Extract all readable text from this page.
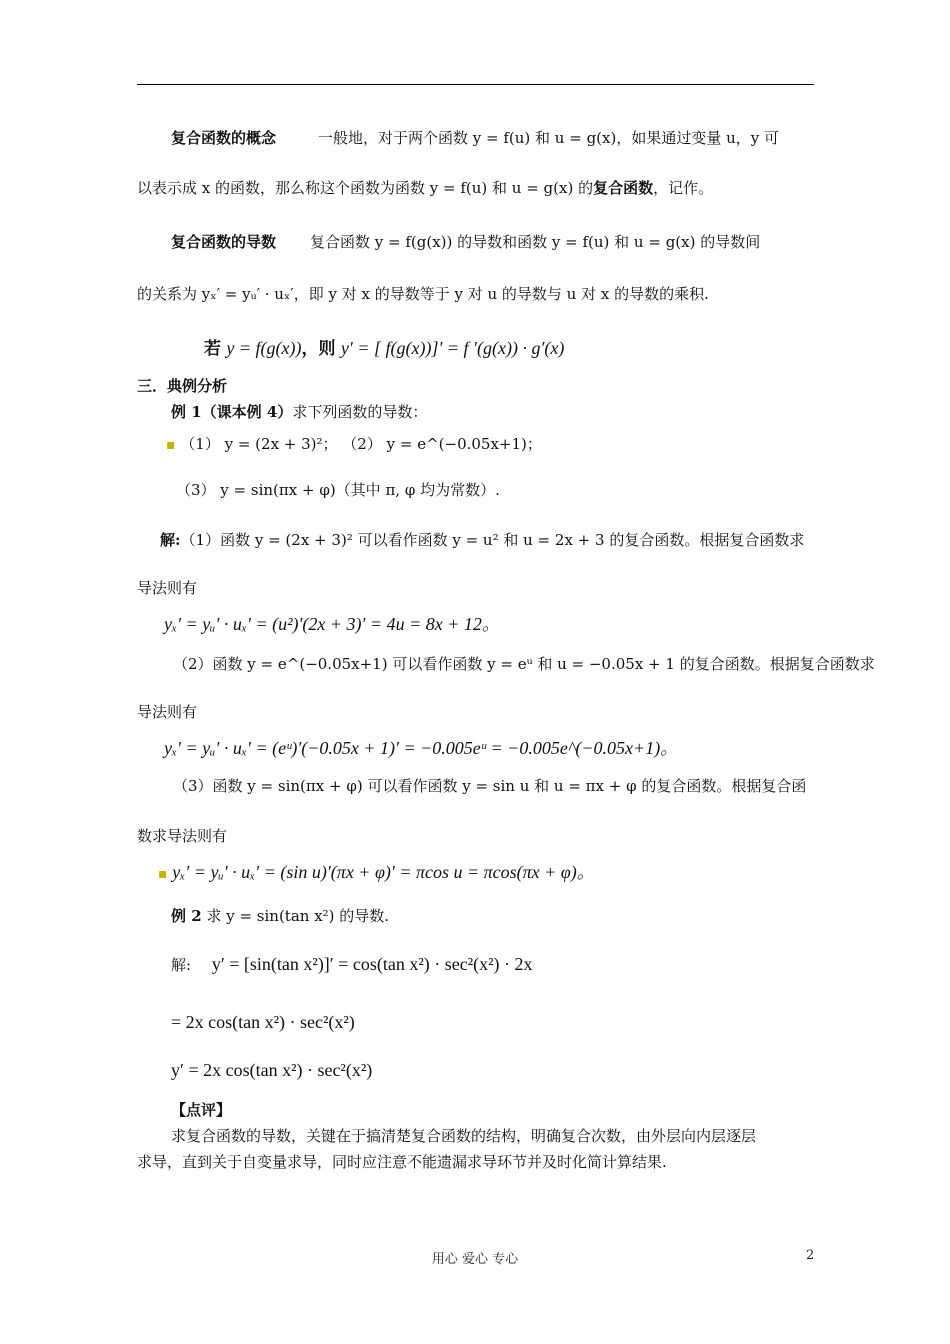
复合函数的概念	一般地，对于两个函数 y = f(u) 和 u = g(x)，如果通过变量 u，y 可
以表示成 x 的函数，那么称这个函数为函数 y = f(u) 和 u = g(x) 的复合函数，记作。
复合函数的导数 复合函数 y = f(g(x)) 的导数和函数 y = f(u) 和 u = g(x) 的导数间
的关系为 yₓ′ = yᵤ′ · uₓ′，即 y 对 x 的导数等于 y 对 u 的导数与 u 对 x 的导数的乘积.
若 y = f(g(x))，则 y′ = [ f(g(x))]′ = f ′(g(x)) · g′(x)
三．典例分析
例 1（课本例 4）求下列函数的导数：
▪ （1） y = (2x + 3)²； （2） y = e^(−0.05x+1)；
（3） y = sin(πx + φ)（其中 π, φ 均为常数）.
解:（1）函数 y = (2x + 3)² 可以看作函数 y = u² 和 u = 2x + 3 的复合函数。根据复合函数求
导法则有
yₓ′ = yᵤ′ · uₓ′ = (u²)′(2x + 3)′ = 4u = 8x + 12。
（2）函数 y = e^(−0.05x+1) 可以看作函数 y = eᵘ 和 u = −0.05x + 1 的复合函数。根据复合函数求
导法则有
yₓ′ = yᵤ′ · uₓ′ = (eᵘ)′(−0.05x + 1)′ = −0.005eᵘ = −0.005e^(−0.05x+1)。
（3）函数 y = sin(πx + φ) 可以看作函数 y = sin u 和 u = πx + φ 的复合函数。根据复合函
数求导法则有
▪ yₓ′ = yᵤ′ · uₓ′ = (sin u)′(πx + φ)′ = πcos u = πcos(πx + φ)。
例 2 求 y = sin(tan x²) 的导数.
解: y′ = [sin(tan x²)]′ = cos(tan x²) · sec²(x²) · 2x
= 2x cos(tan x²) · sec²(x²)
y′ = 2x cos(tan x²) · sec²(x²)
【点评】
求复合函数的导数，关键在于搞清楚复合函数的结构，明确复合次数，由外层向内层逐层
求导，直到关于自变量求导，同时应注意不能遗漏求导环节并及时化简计算结果.
用心 爱心 专心	2
